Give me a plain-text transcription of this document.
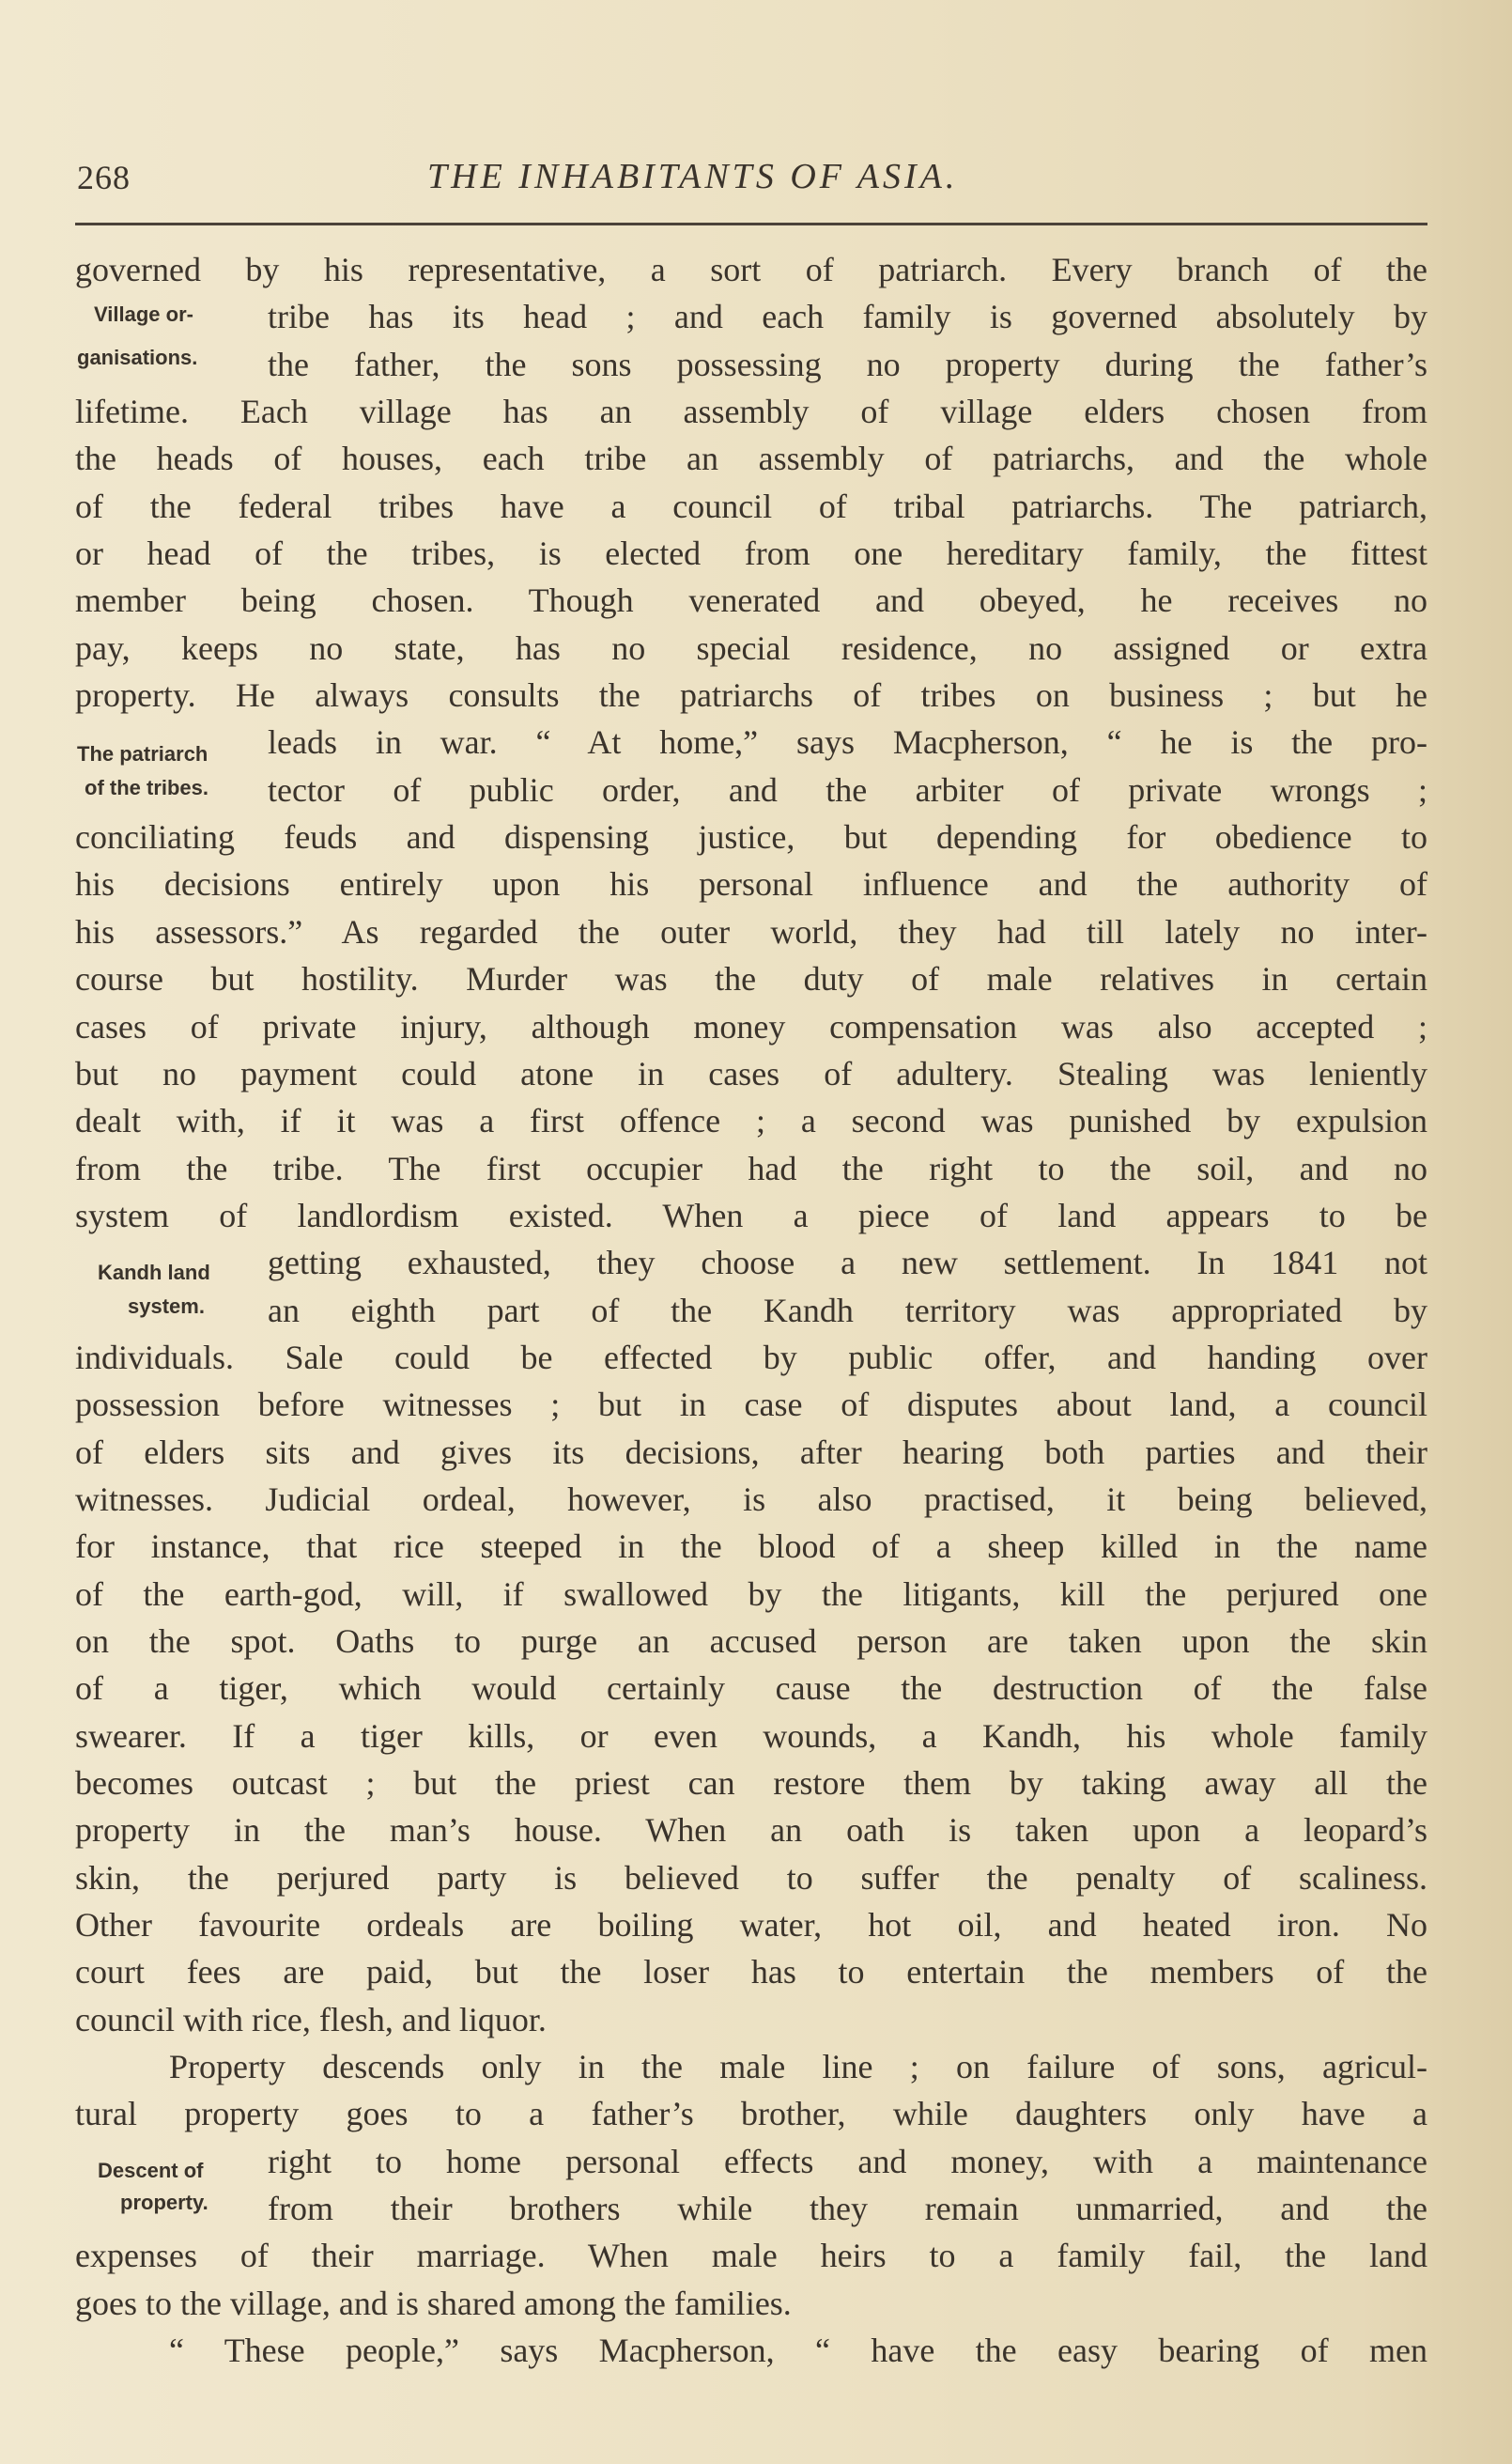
268	THE INHABITANTS OF ASIA.
Village or-
ganisations.
The patriarch
of the tribes.
Kandh land
system.
Descent of
property.
governed by his representative, a sort of patriarch. Every branch of the
tribe has its head ; and each family is governed absolutely by
the father, the sons possessing no property during the father’s
lifetime. Each village has an assembly of village elders chosen from
the heads of houses, each tribe an assembly of patriarchs, and the whole
of the federal tribes have a council of tribal patriarchs. The patriarch,
or head of the tribes, is elected from one hereditary family, the fittest
member being chosen. Though venerated and obeyed, he receives no
pay, keeps no state, has no special residence, no assigned or extra
property. He always consults the patriarchs of tribes on business ; but he
leads in war. “ At home,” says Macpherson, “ he is the pro-
tector of public order, and the arbiter of private wrongs ;
conciliating feuds and dispensing justice, but depending for obedience to
his decisions entirely upon his personal influence and the authority of
his assessors.” As regarded the outer world, they had till lately no inter-
course but hostility. Murder was the duty of male relatives in certain
cases of private injury, although money compensation was also accepted ;
but no payment could atone in cases of adultery. Stealing was leniently
dealt with, if it was a first offence ; a second was punished by expulsion
from the tribe. The first occupier had the right to the soil, and no
system of landlordism existed. When a piece of land appears to be
getting exhausted, they choose a new settlement. In 1841 not
an eighth part of the Kandh territory was appropriated by
individuals. Sale could be effected by public offer, and handing over
possession before witnesses ; but in case of disputes about land, a council
of elders sits and gives its decisions, after hearing both parties and their
witnesses. Judicial ordeal, however, is also practised, it being believed,
for instance, that rice steeped in the blood of a sheep killed in the name
of the earth-god, will, if swallowed by the litigants, kill the perjured one
on the spot. Oaths to purge an accused person are taken upon the skin
of a tiger, which would certainly cause the destruction of the false
swearer. If a tiger kills, or even wounds, a Kandh, his whole family
becomes outcast ; but the priest can restore them by taking away all the
property in the man’s house. When an oath is taken upon a leopard’s
skin, the perjured party is believed to suffer the penalty of scaliness.
Other favourite ordeals are boiling water, hot oil, and heated iron. No
court fees are paid, but the loser has to entertain the members of the
council with rice, flesh, and liquor.
Property descends only in the male line ; on failure of sons, agricul-
tural property goes to a father’s brother, while daughters only have a
right to home personal effects and money, with a maintenance
from their brothers while they remain unmarried, and the
expenses of their marriage. When male heirs to a family fail, the land
goes to the village, and is shared among the families.
“ These people,” says Macpherson, “ have the easy bearing of men
